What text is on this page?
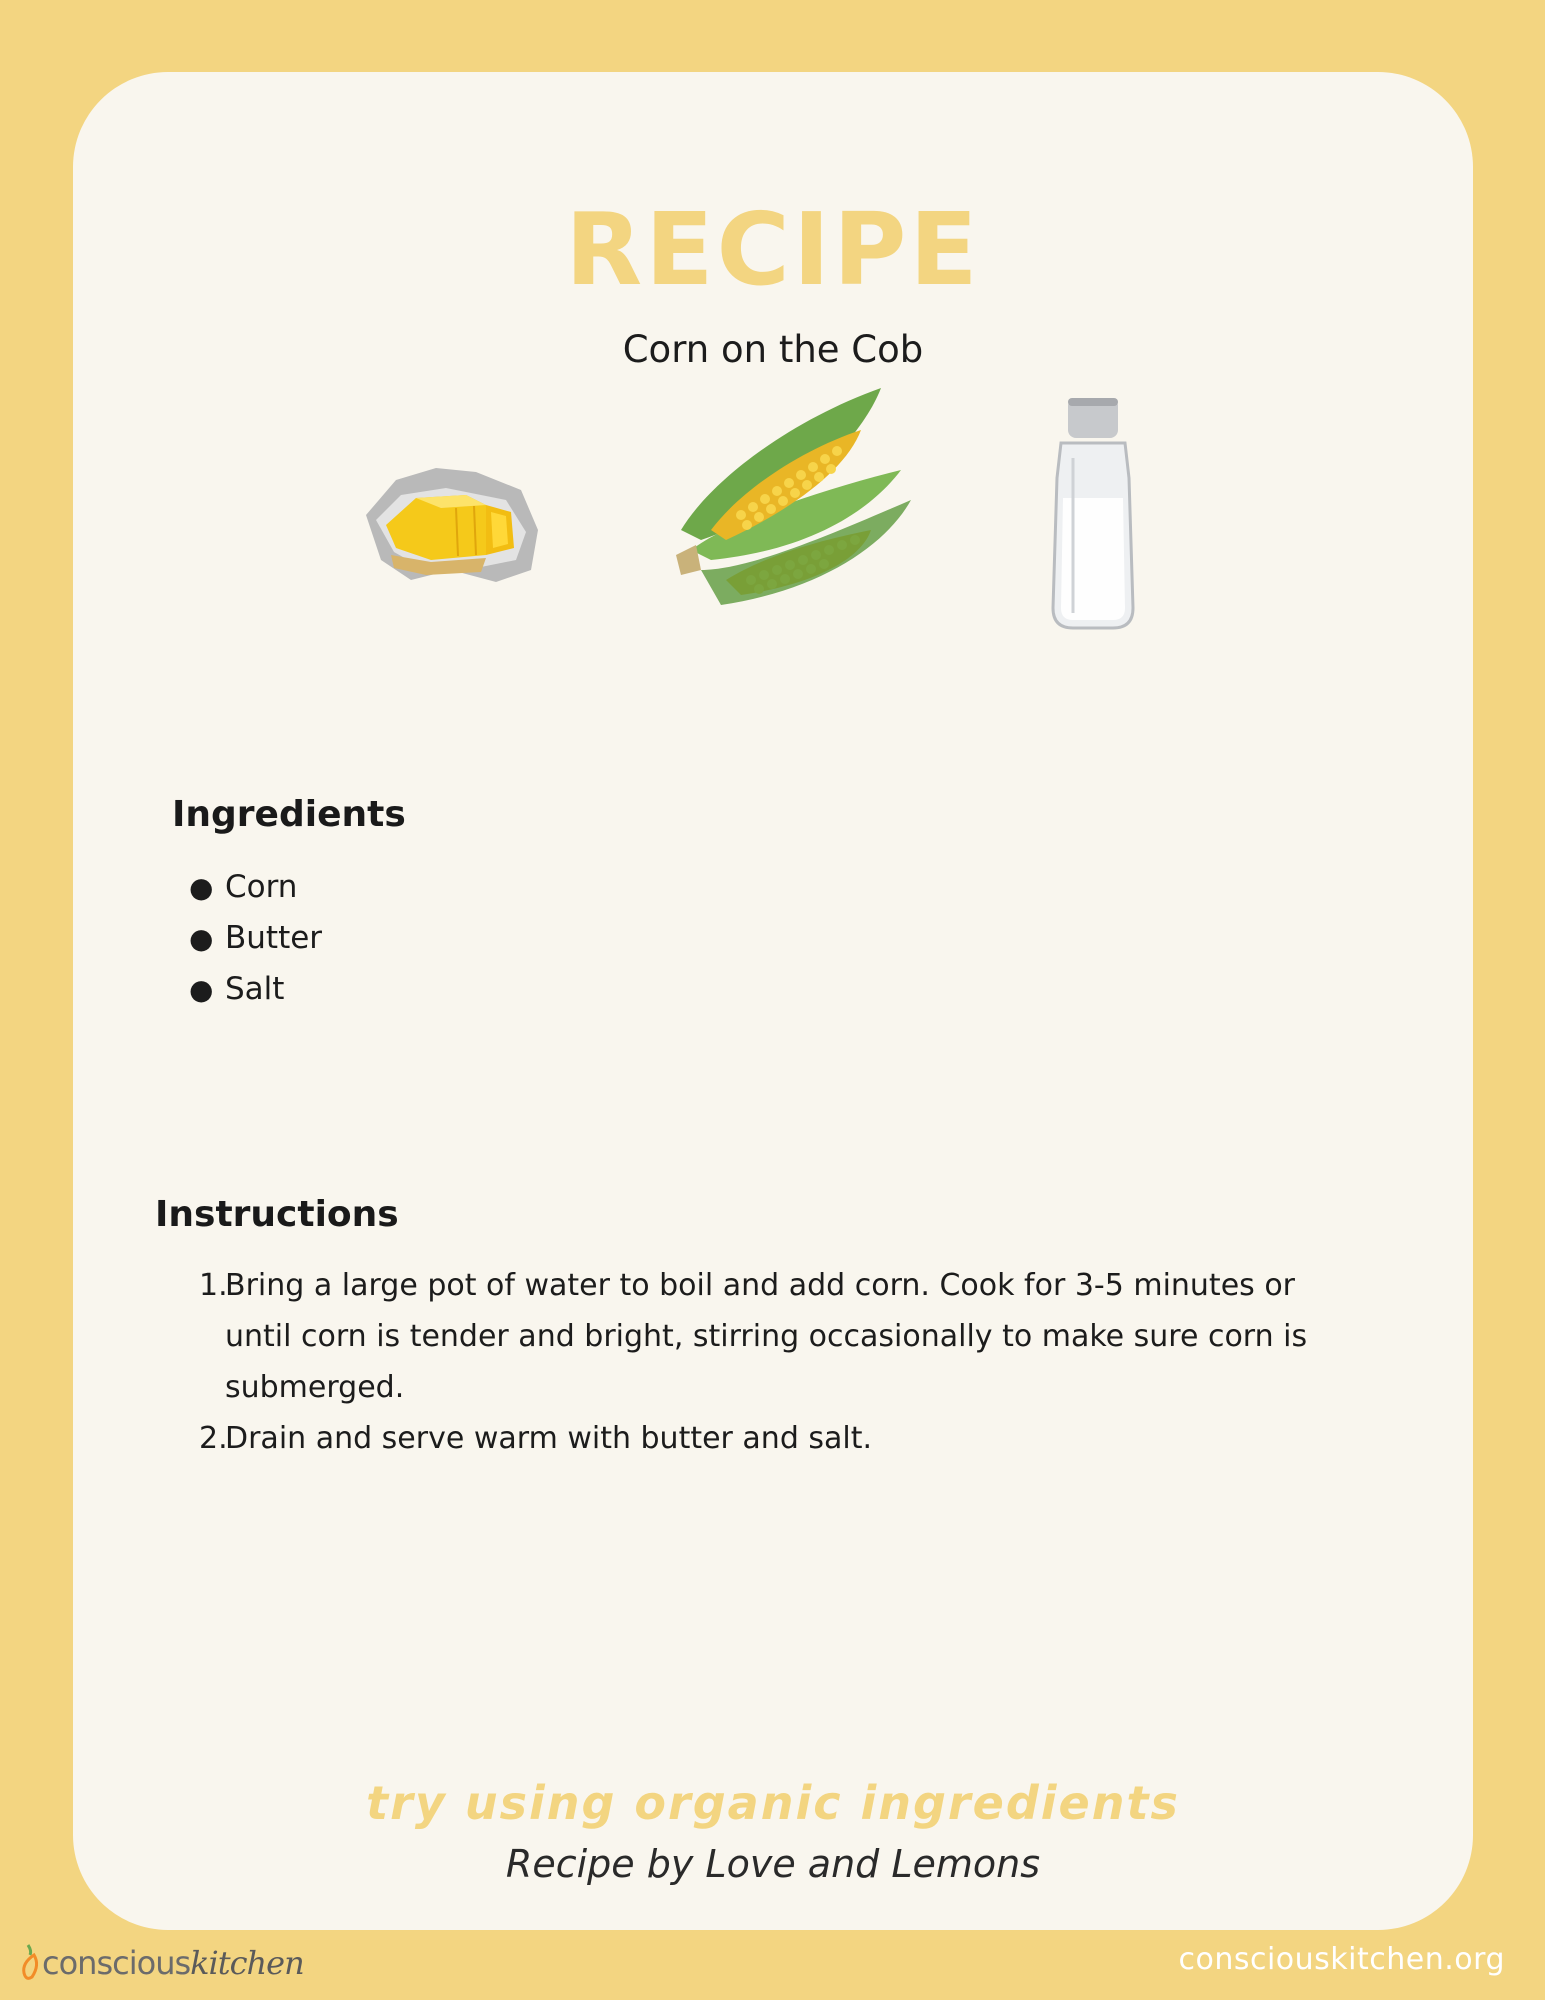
RECIPE
Corn on the Cob
Ingredients
● Corn
● Butter
● Salt
Instructions
1.
Bring a large pot of water to boil and add corn. Cook for 3-5 minutes or until corn is tender and bright, stirring occasionally to make sure corn is submerged.
2.
Drain and serve warm with butter and salt.
try using organic ingredients
Recipe by Love and Lemons
consciouskitchen	consciouskitchen.org
